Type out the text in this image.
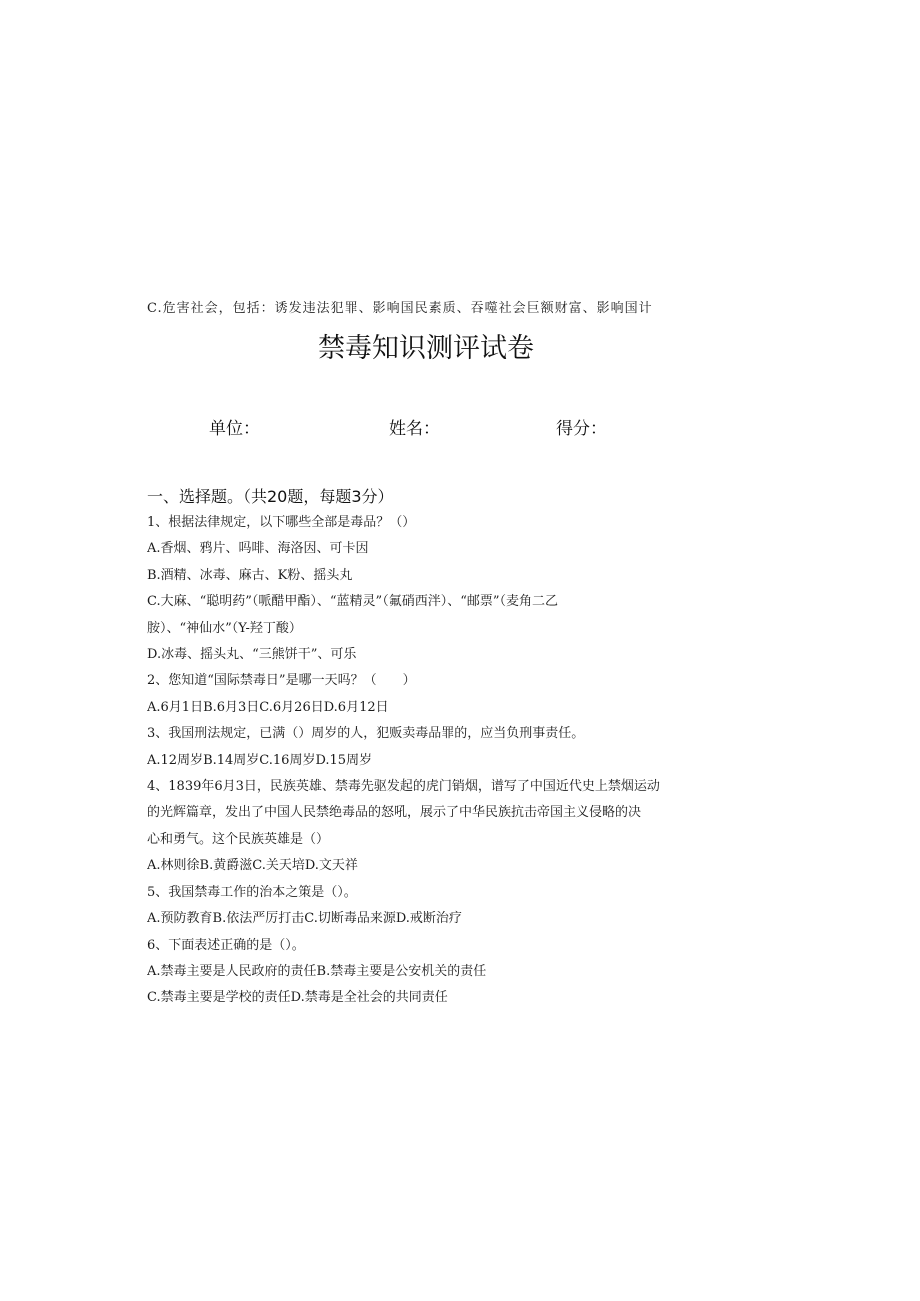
C.危害社会，包括：诱发违法犯罪、影响国民素质、吞噬社会巨额财富、影响国计
禁毒知识测评试卷
单位：	姓名：	得分：
一、选择题。（共20题，每题3分）
1、根据法律规定，以下哪些全部是毒品？（）
A.香烟、鸦片、吗啡、海洛因、可卡因
B.酒精、冰毒、麻古、K粉、摇头丸
C.大麻、“聪明药”（哌醋甲酯）、“蓝精灵”（氟硝西泮）、“邮票”（麦角二乙
胺）、“神仙水”（Y-羟丁酸）
D.冰毒、摇头丸、“三熊饼干”、可乐
2、您知道“国际禁毒日”是哪一天吗？（　　）
A.6月1日B.6月3日C.6月26日D.6月12日
3、我国刑法规定，已满（）周岁的人，犯贩卖毒品罪的，应当负刑事责任。
A.12周岁B.14周岁C.16周岁D.15周岁
4、1839年6月3日，民族英雄、禁毒先驱发起的虎门销烟，谱写了中国近代史上禁烟运动
的光辉篇章，发出了中国人民禁绝毒品的怒吼，展示了中华民族抗击帝国主义侵略的决
心和勇气。这个民族英雄是（）
A.林则徐B.黄爵滋C.关天培D.文天祥
5、我国禁毒工作的治本之策是（）。
A.预防教育B.依法严厉打击C.切断毒品来源D.戒断治疗
6、下面表述正确的是（）。
A.禁毒主要是人民政府的责任B.禁毒主要是公安机关的责任
C.禁毒主要是学校的责任D.禁毒是全社会的共同责任
